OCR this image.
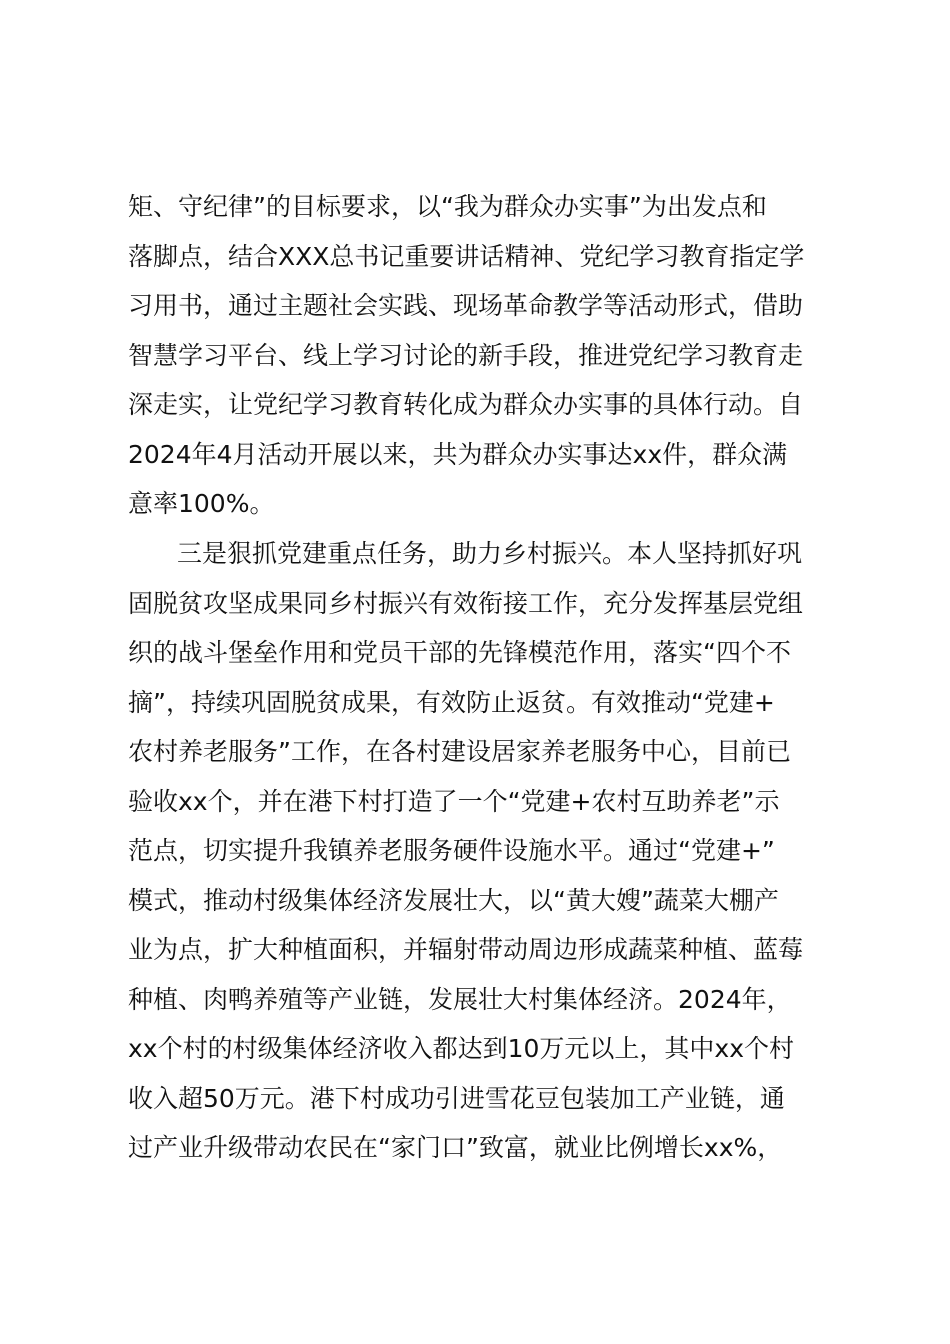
矩、守纪律”的目标要求，以“我为群众办实事”为出发点和
落脚点，结合XXX总书记重要讲话精神、党纪学习教育指定学
习用书，通过主题社会实践、现场革命教学等活动形式，借助
智慧学习平台、线上学习讨论的新手段，推进党纪学习教育走
深走实，让党纪学习教育转化成为群众办实事的具体行动。自
2024年4月活动开展以来，共为群众办实事达xx件，群众满
意率100%。
三是狠抓党建重点任务，助力乡村振兴。本人坚持抓好巩
固脱贫攻坚成果同乡村振兴有效衔接工作，充分发挥基层党组
织的战斗堡垒作用和党员干部的先锋模范作用，落实“四个不
摘”，持续巩固脱贫成果，有效防止返贫。有效推动“党建+
农村养老服务”工作，在各村建设居家养老服务中心，目前已
验收xx个，并在港下村打造了一个“党建+农村互助养老”示
范点，切实提升我镇养老服务硬件设施水平。通过“党建+”
模式，推动村级集体经济发展壮大，以“黄大嫂”蔬菜大棚产
业为点，扩大种植面积，并辐射带动周边形成蔬菜种植、蓝莓
种植、肉鸭养殖等产业链，发展壮大村集体经济。2024年，
xx个村的村级集体经济收入都达到10万元以上，其中xx个村
收入超50万元。港下村成功引进雪花豆包装加工产业链，通
过产业升级带动农民在“家门口”致富，就业比例增长xx%，
